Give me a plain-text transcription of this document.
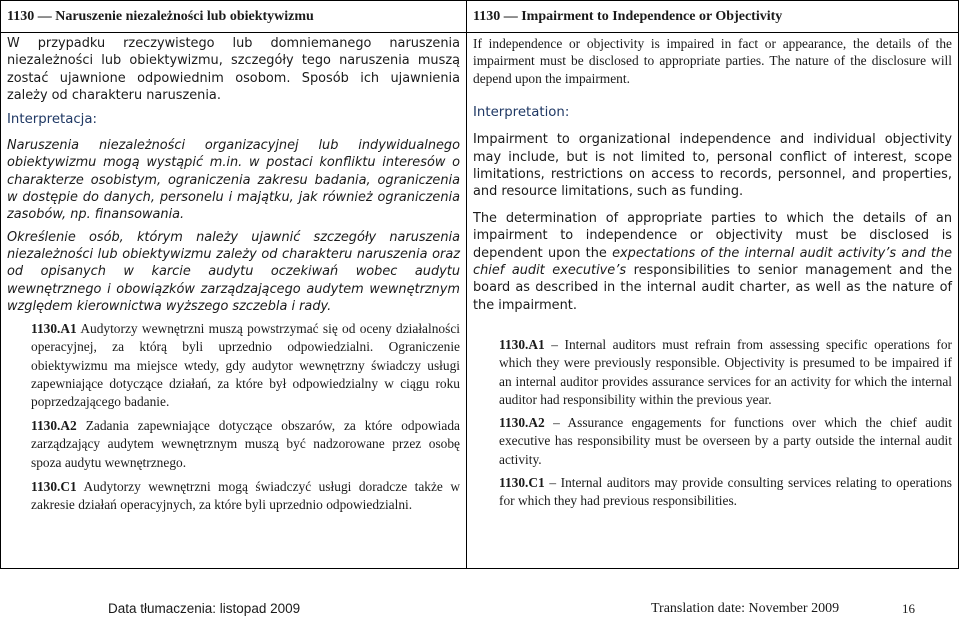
1130 — Naruszenie niezależności lub obiektywizmu

W przypadku rzeczywistego lub domniemanego naruszenia niezależności lub obiektywizmu, szczegóły tego naruszenia muszą zostać ujawnione odpowiednim osobom. Sposób ich ujawnienia zależy od charakteru naruszenia.

Interpretacja:

Naruszenia niezależności organizacyjnej lub indywidualnego obiektywizmu mogą wystąpić m.in. w postaci konfliktu interesów o charakterze osobistym, ograniczenia zakresu badania, ograniczenia w dostępie do danych, personelu i majątku, jak również ograniczenia zasobów, np. finansowania.

Określenie osób, którym należy ujawnić szczegóły naruszenia niezależności lub obiektywizmu zależy od charakteru naruszenia oraz od opisanych w karcie audytu oczekiwań wobec audytu wewnętrznego i obowiązków zarządzającego audytem wewnętrznym względem kierownictwa wyższego szczebla i rady.

1130.A1 Audytorzy wewnętrzni muszą powstrzymać się od oceny działalności operacyjnej, za którą byli uprzednio odpowiedzialni. Ograniczenie obiektywizmu ma miejsce wtedy, gdy audytor wewnętrzny świadczy usługi zapewniające dotyczące działań, za które był odpowiedzialny w ciągu roku poprzedzającego badanie.

1130.A2 Zadania zapewniające dotyczące obszarów, za które odpowiada zarządzający audytem wewnętrznym muszą być nadzorowane przez osobę spoza audytu wewnętrznego.

1130.C1 Audytorzy wewnętrzni mogą świadczyć usługi doradcze także w zakresie działań operacyjnych, za które byli uprzednio odpowiedzialni.

1130 — Impairment to Independence or Objectivity

If independence or objectivity is impaired in fact or appearance, the details of the impairment must be disclosed to appropriate parties. The nature of the disclosure will depend upon the impairment.

Interpretation:

Impairment to organizational independence and individual objectivity may include, but is not limited to, personal conflict of interest, scope limitations, restrictions on access to records, personnel, and properties, and resource limitations, such as funding.

The determination of appropriate parties to which the details of an impairment to independence or objectivity must be disclosed is dependent upon the expectations of the internal audit activity’s and the chief audit executive’s responsibilities to senior management and the board as described in the internal audit charter, as well as the nature of the impairment.

1130.A1 – Internal auditors must refrain from assessing specific operations for which they were previously responsible. Objectivity is presumed to be impaired if an internal auditor provides assurance services for an activity for which the internal auditor had responsibility within the previous year.

1130.A2 – Assurance engagements for functions over which the chief audit executive has responsibility must be overseen by a party outside the internal audit activity.

1130.C1 – Internal auditors may provide consulting services relating to operations for which they had previous responsibilities.

Data tłumaczenia: listopad 2009	Translation date: November 2009	16
